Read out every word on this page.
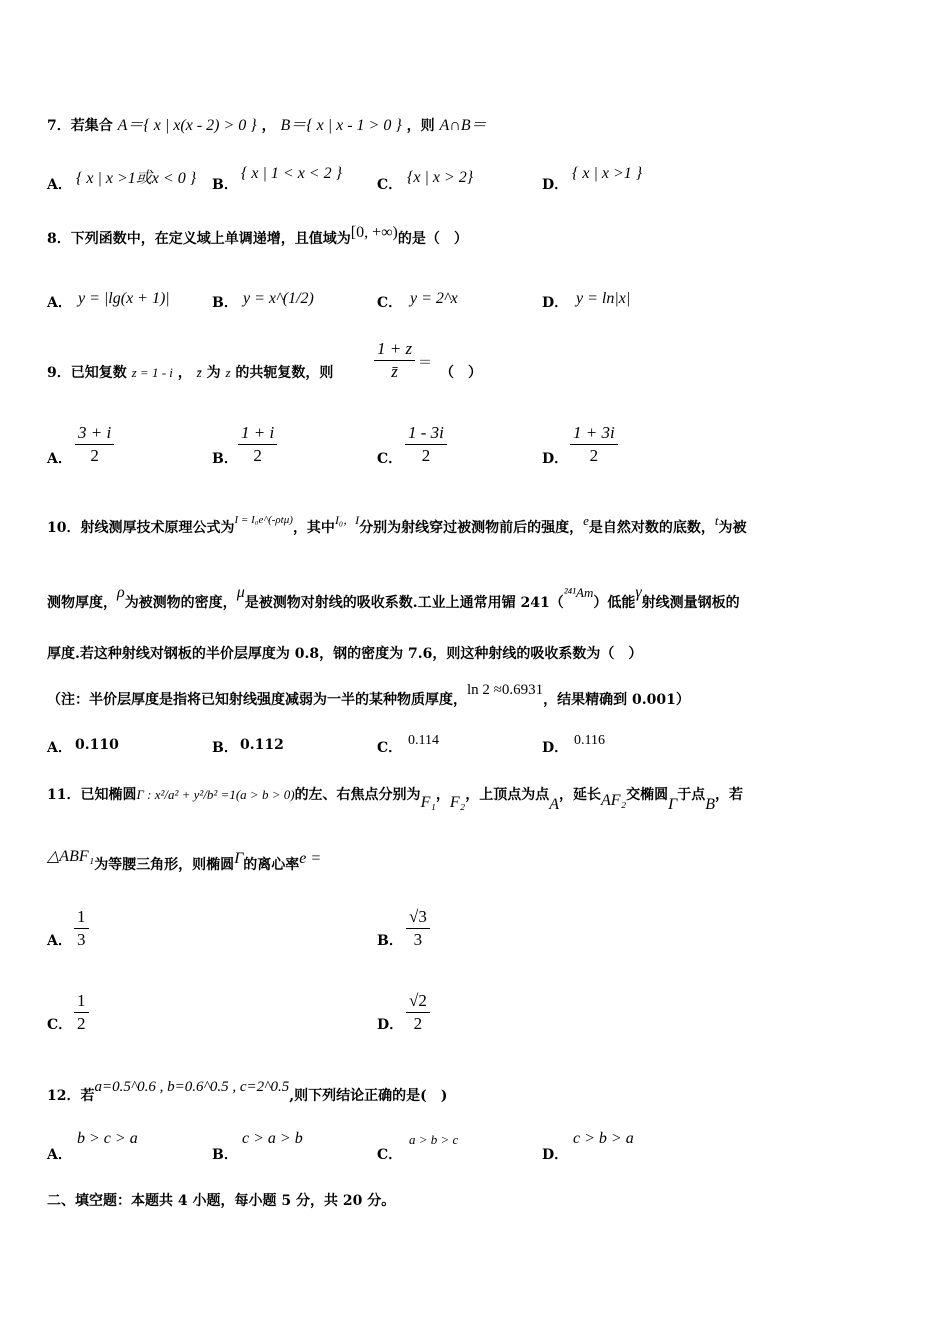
7．若集合 A＝{ x | x(x - 2) > 0 } ， B＝{ x | x - 1 > 0 } ，则 A∩B＝
A． { x | x >1或x < 0 } B．
{ x | 1 < x < 2 }
C． {x | x > 2}	D．
{ x | x >1 }
8．下列函数中，在定义域上单调递增，且值域为[0, +∞)的是（　）
A． y = |lg(x + 1)|	B． y = x^(1/2)	C． y = 2^x	D． y = ln|x|
9．已知复数 z = 1 - i ， z̄ 为 z 的共轭复数，则 $\frac{1 + z}{z̄}$ ＝
（　）
A． $\frac{3 + i}{2}$	B． $\frac{1 + i}{2}$	C． $\frac{1 - 3i}{2}$	D． $\frac{1 + 3i}{2}$
10．射线测厚技术原理公式为$^{I = I_0e\^{}(-\rho t\mu)}$，其中I₀，I分别为射线穿过被测物前后的强度，e是自然对数的底数，t为被
测物厚度，ρ为被测物的密度，μ是被测物对射线的吸收系数.工业上通常用镅 241（²⁴¹Am）低能γ射线测量钢板的
厚度.若这种射线对钢板的半价层厚度为 0.8，钢的密度为 7.6，则这种射线的吸收系数为（　）
（注：半价层厚度是指将已知射线强度减弱为一半的某种物质厚度，ln 2 ≈0.6931，结果精确到 0.001）
A． 0.110	B． 0.112	C． 0.114	D． 0.116
11．已知椭圆Γ : x²/a² + y²/b² =1(a > b > 0)的左、右焦点分别为F₁，F₂，上顶点为点A，延长AF₂交椭圆Γ于点B，若
△ABF₁为等腰三角形，则椭圆Γ的离心率e =
A． $\frac{1}{3}$	B． $\frac{√3}{3}$
C． $\frac{1}{2}$	D． $\frac{√2}{2}$
12．若a=0.5^0.6 , b=0.6^0.5 , c=2^0.5,则下列结论正确的是(　)
A．
b > c > a
B．
c > a > b
C．
a > b > c
D．
c > b > a
二、填空题：本题共 4 小题，每小题 5 分，共 20 分。
